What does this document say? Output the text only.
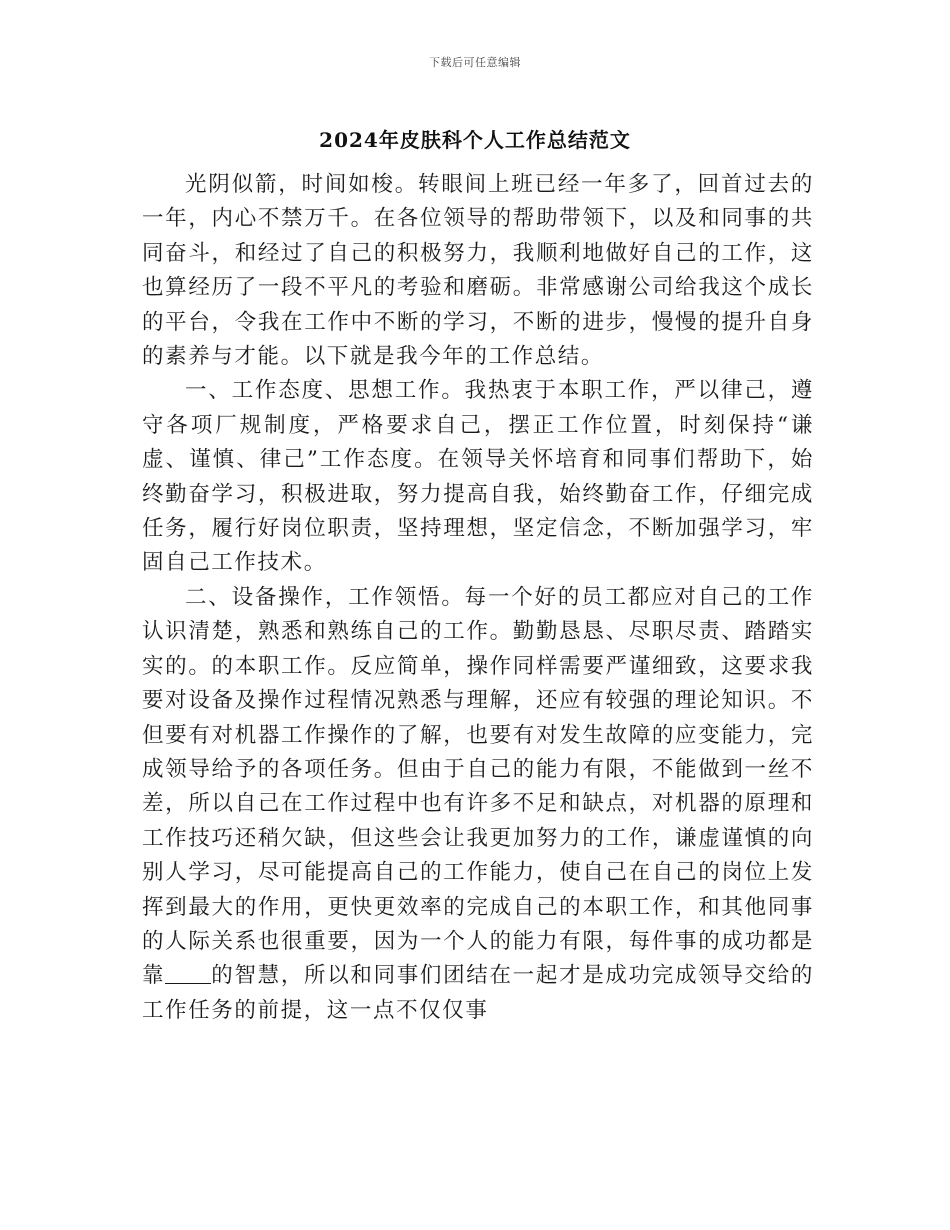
下载后可任意编辑
2024年皮肤科个人工作总结范文

光阴似箭，时间如梭。转眼间上班已经一年多了，回首过去的一年，内心不禁万千。在各位领导的帮助带领下，以及和同事的共同奋斗，和经过了自己的积极努力，我顺利地做好自己的工作，这也算经历了一段不平凡的考验和磨砺。非常感谢公司给我这个成长的平台，令我在工作中不断的学习，不断的进步，慢慢的提升自身的素养与才能。以下就是我今年的工作总结。

一、工作态度、思想工作。我热衷于本职工作，严以律己，遵守各项厂规制度，严格要求自己，摆正工作位置，时刻保持“谦虚、谨慎、律己”工作态度。在领导关怀培育和同事们帮助下，始终勤奋学习，积极进取，努力提高自我，始终勤奋工作，仔细完成任务，履行好岗位职责，坚持理想，坚定信念，不断加强学习，牢固自己工作技术。

二、设备操作，工作领悟。每一个好的员工都应对自己的工作认识清楚，熟悉和熟练自己的工作。勤勤恳恳、尽职尽责、踏踏实实的。的本职工作。反应简单，操作同样需要严谨细致，这要求我要对设备及操作过程情况熟悉与理解，还应有较强的理论知识。不但要有对机器工作操作的了解，也要有对发生故障的应变能力，完成领导给予的各项任务。但由于自己的能力有限，不能做到一丝不差，所以自己在工作过程中也有许多不足和缺点，对机器的原理和工作技巧还稍欠缺，但这些会让我更加努力的工作，谦虚谨慎的向别人学习，尽可能提高自己的工作能力，使自己在自己的岗位上发挥到最大的作用，更快更效率的完成自己的本职工作，和其他同事的人际关系也很重要，因为一个人的能力有限，每件事的成功都是靠 的智慧，所以和同事们团结在一起才是成功完成领导交给的工作任务的前提，这一点不仅仅事
